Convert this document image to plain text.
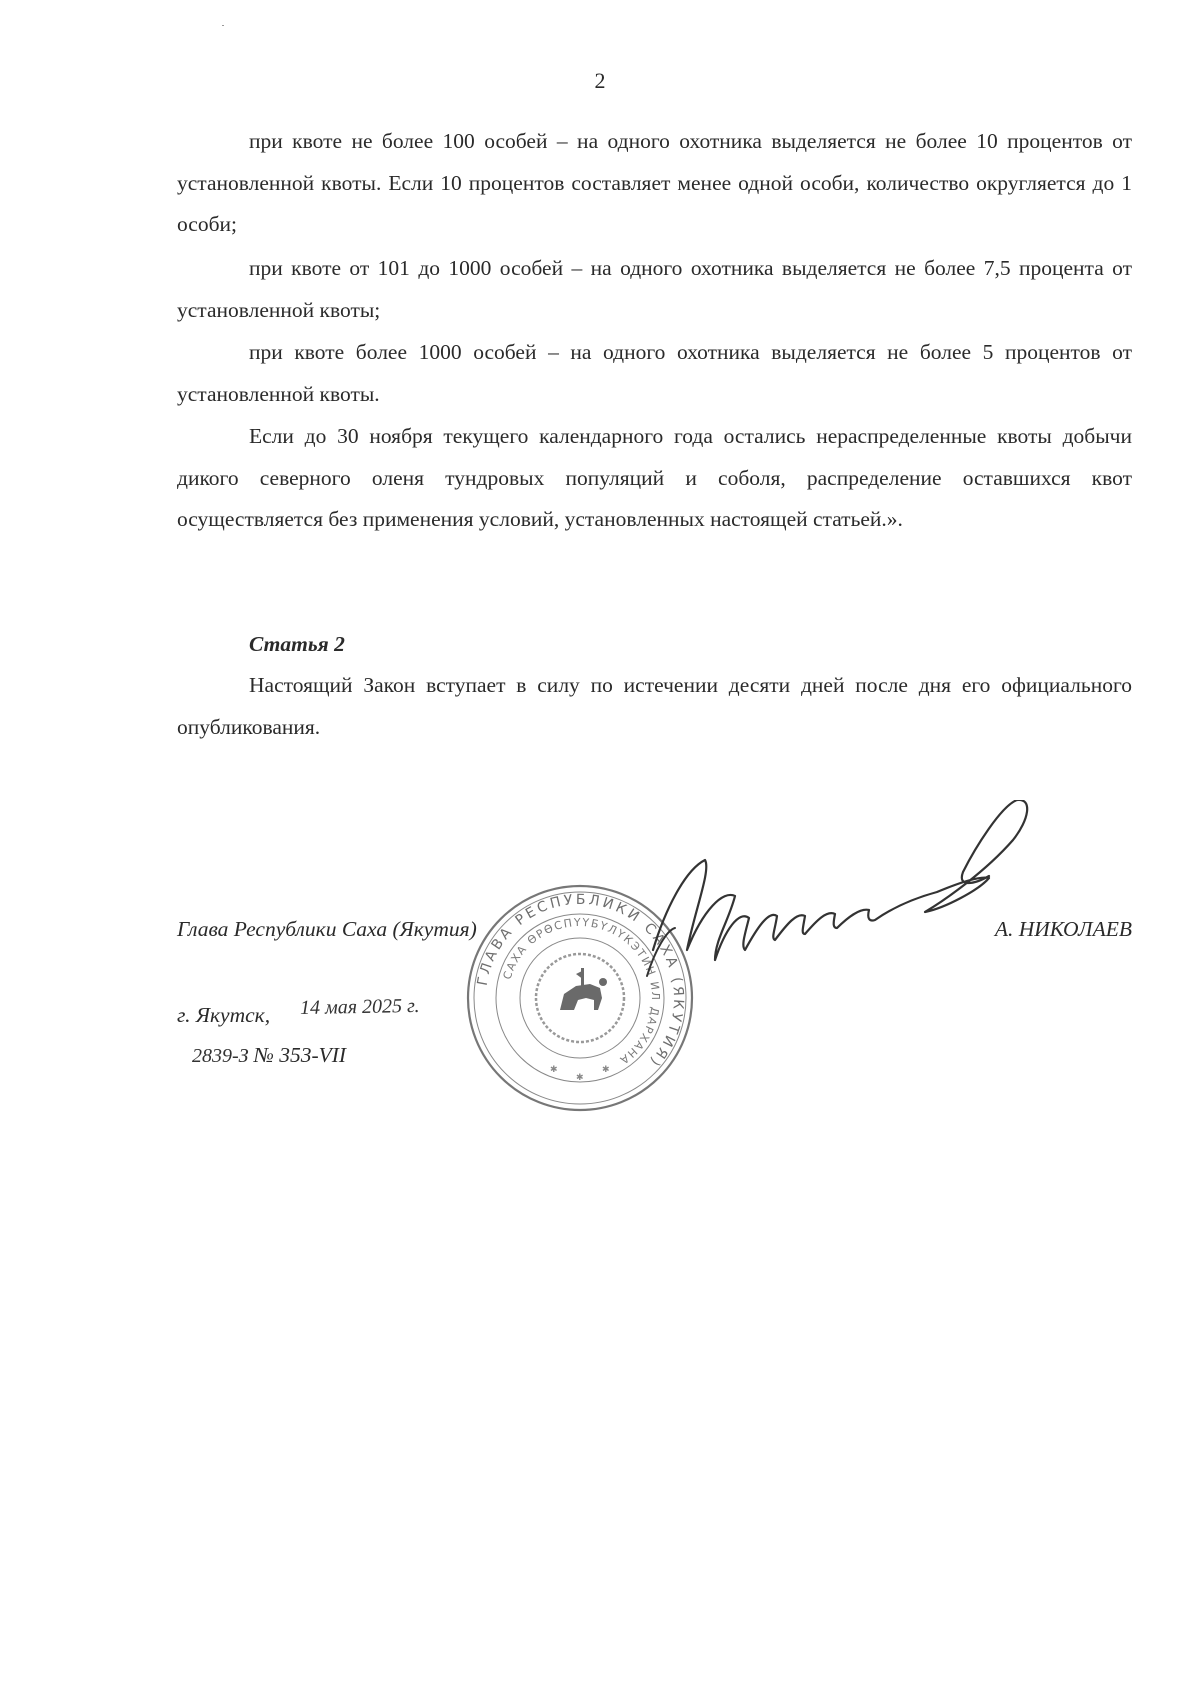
2

при квоте не более 100 особей – на одного охотника выделяется не более 10 процентов от установленной квоты. Если 10 процентов составляет менее одной особи, количество округляется до 1 особи;

при квоте от 101 до 1000 особей – на одного охотника выделяется не более 7,5 процента от установленной квоты;

при квоте более 1000 особей – на одного охотника выделяется не более 5 процентов от установленной квоты.

Если до 30 ноября текущего календарного года остались нераспределенные квоты добычи дикого северного оленя тундровых популяций и соболя, распределение оставшихся квот осуществляется без применения условий, установленных настоящей статьей.».

Статья 2

Настоящий Закон вступает в силу по истечении десяти дней после дня его официального опубликования.

ГЛАВА РЕСПУБЛИКИ САХА (ЯКУТИЯ)
САХА ӨРӨСПYYБYЛYКЭТИН ИЛ ДАРХАНА
✱
✱
✱
Глава Республики Саха (Якутия)	А. НИКОЛАЕВ
г. Якутск, 14 мая 2025 г.
2839-З № 353-VII
